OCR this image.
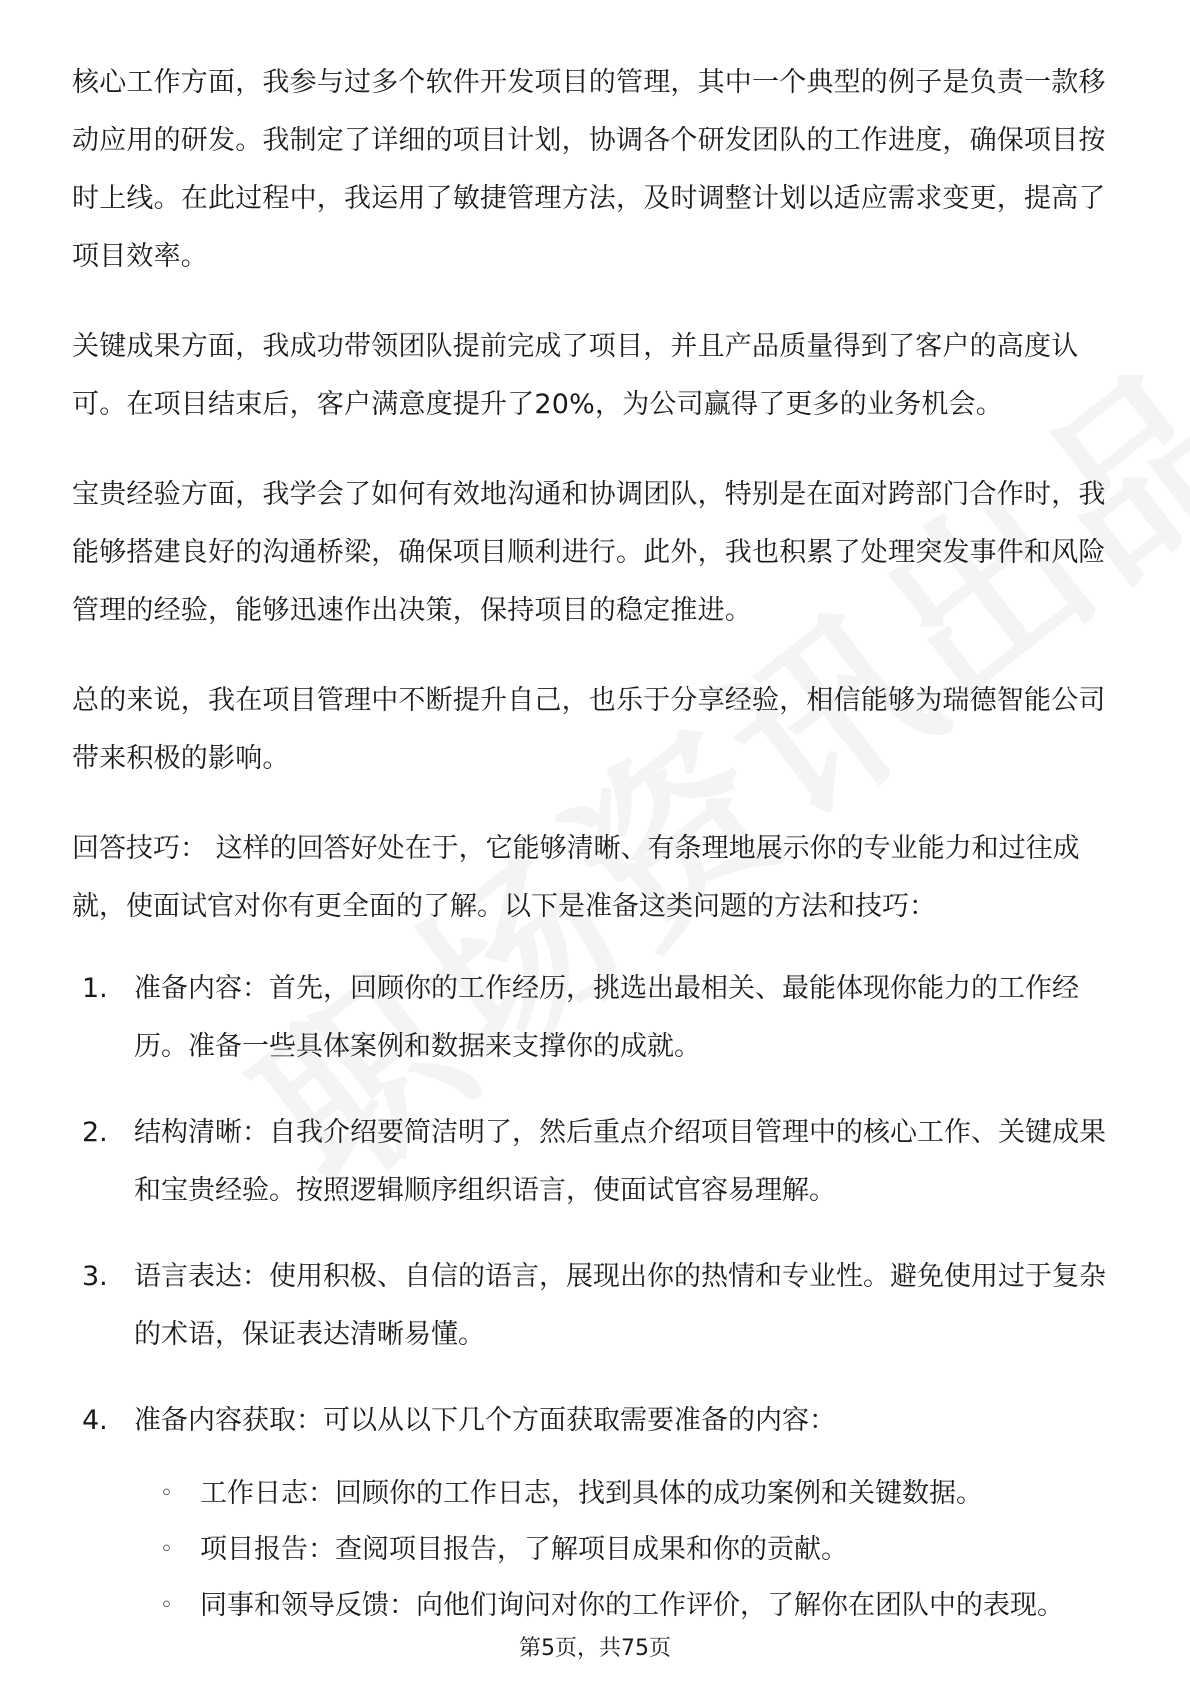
核心工作方面，我参与过多个软件开发项目的管理，其中一个典型的例子是负责一款移动应用的研发。我制定了详细的项目计划，协调各个研发团队的工作进度，确保项目按时上线。在此过程中，我运用了敏捷管理方法，及时调整计划以适应需求变更，提高了项目效率。

关键成果方面，我成功带领团队提前完成了项目，并且产品质量得到了客户的高度认可。在项目结束后，客户满意度提升了20%，为公司赢得了更多的业务机会。

宝贵经验方面，我学会了如何有效地沟通和协调团队，特别是在面对跨部门合作时，我能够搭建良好的沟通桥梁，确保项目顺利进行。此外，我也积累了处理突发事件和风险管理的经验，能够迅速作出决策，保持项目的稳定推进。

总的来说，我在项目管理中不断提升自己，也乐于分享经验，相信能够为瑞德智能公司带来积极的影响。

回答技巧： 这样的回答好处在于，它能够清晰、有条理地展示你的专业能力和过往成就，使面试官对你有更全面的了解。以下是准备这类问题的方法和技巧：

1. 准备内容：首先，回顾你的工作经历，挑选出最相关、最能体现你能力的工作经历。准备一些具体案例和数据来支撑你的成就。
2. 结构清晰：自我介绍要简洁明了，然后重点介绍项目管理中的核心工作、关键成果和宝贵经验。按照逻辑顺序组织语言，使面试官容易理解。
3. 语言表达：使用积极、自信的语言，展现出你的热情和专业性。避免使用过于复杂的术语，保证表达清晰易懂。
4. 准备内容获取：可以从以下几个方面获取需要准备的内容：
◦	工作日志：回顾你的工作日志，找到具体的成功案例和关键数据。
◦	项目报告：查阅项目报告，了解项目成果和你的贡献。
◦	同事和领导反馈：向他们询问对你的工作评价，了解你在团队中的表现。
第5页，共75页
